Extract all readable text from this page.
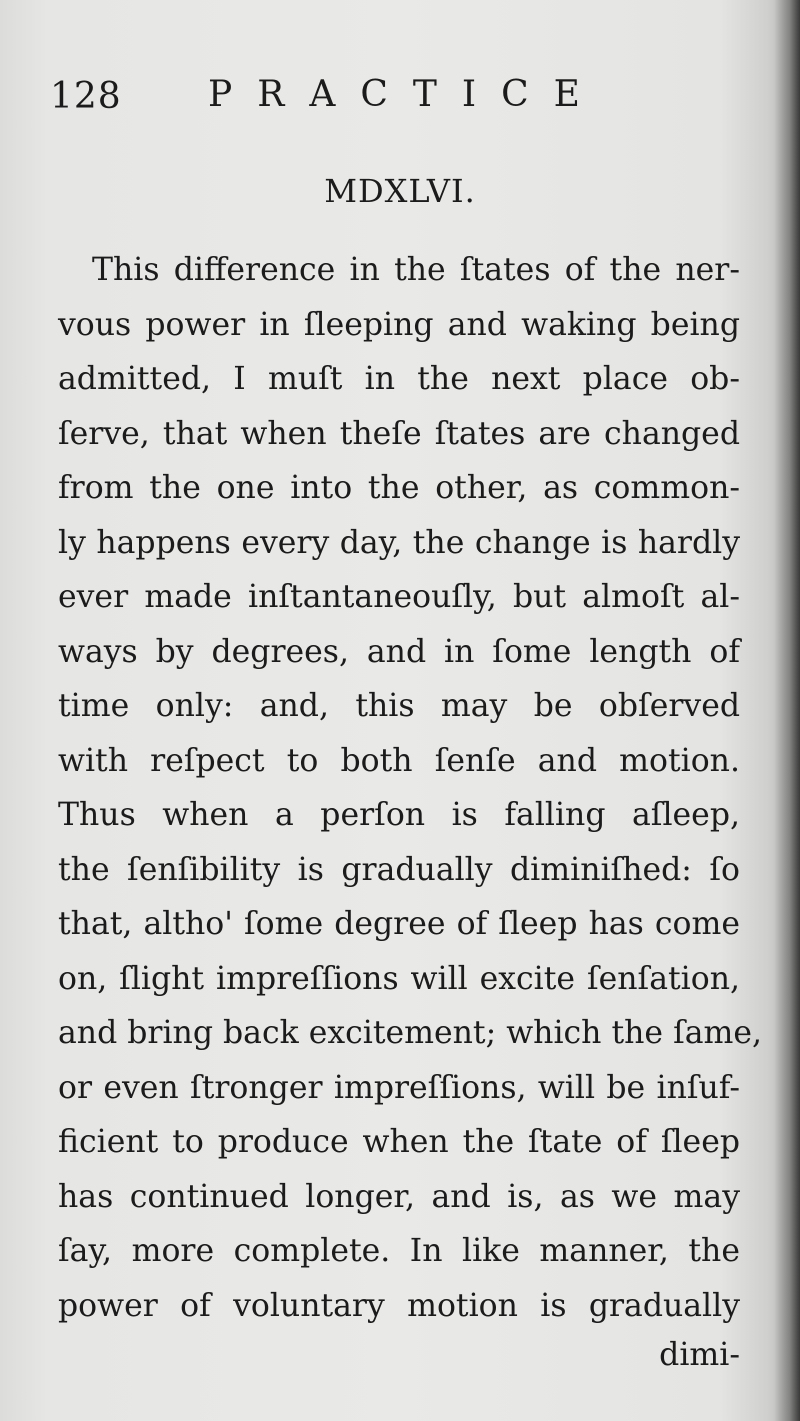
128 PRACTICE
MDXLVI.
This difference in the ſtates of the ner-
vous power in ſleeping and waking being
admitted, I muſt in the next place ob-
ſerve, that when theſe ſtates are changed
from the one into the other, as common-
ly happens every day, the change is hardly
ever made inſtantaneouſly, but almoſt al-
ways by degrees, and in ſome length of
time only: and, this may be obſerved
with reſpect to both ſenſe and motion.
Thus when a perſon is falling aſleep,
the ſenſibility is gradually diminiſhed: ſo
that, altho' ſome degree of ſleep has come
on, ſlight impreſſions will excite ſenſation,
and bring back excitement; which the ſame,
or even ſtronger impreſſions, will be inſuf-
ficient to produce when the ſtate of ſleep
has continued longer, and is, as we may
ſay, more complete. In like manner, the
power of voluntary motion is gradually
dimi-
